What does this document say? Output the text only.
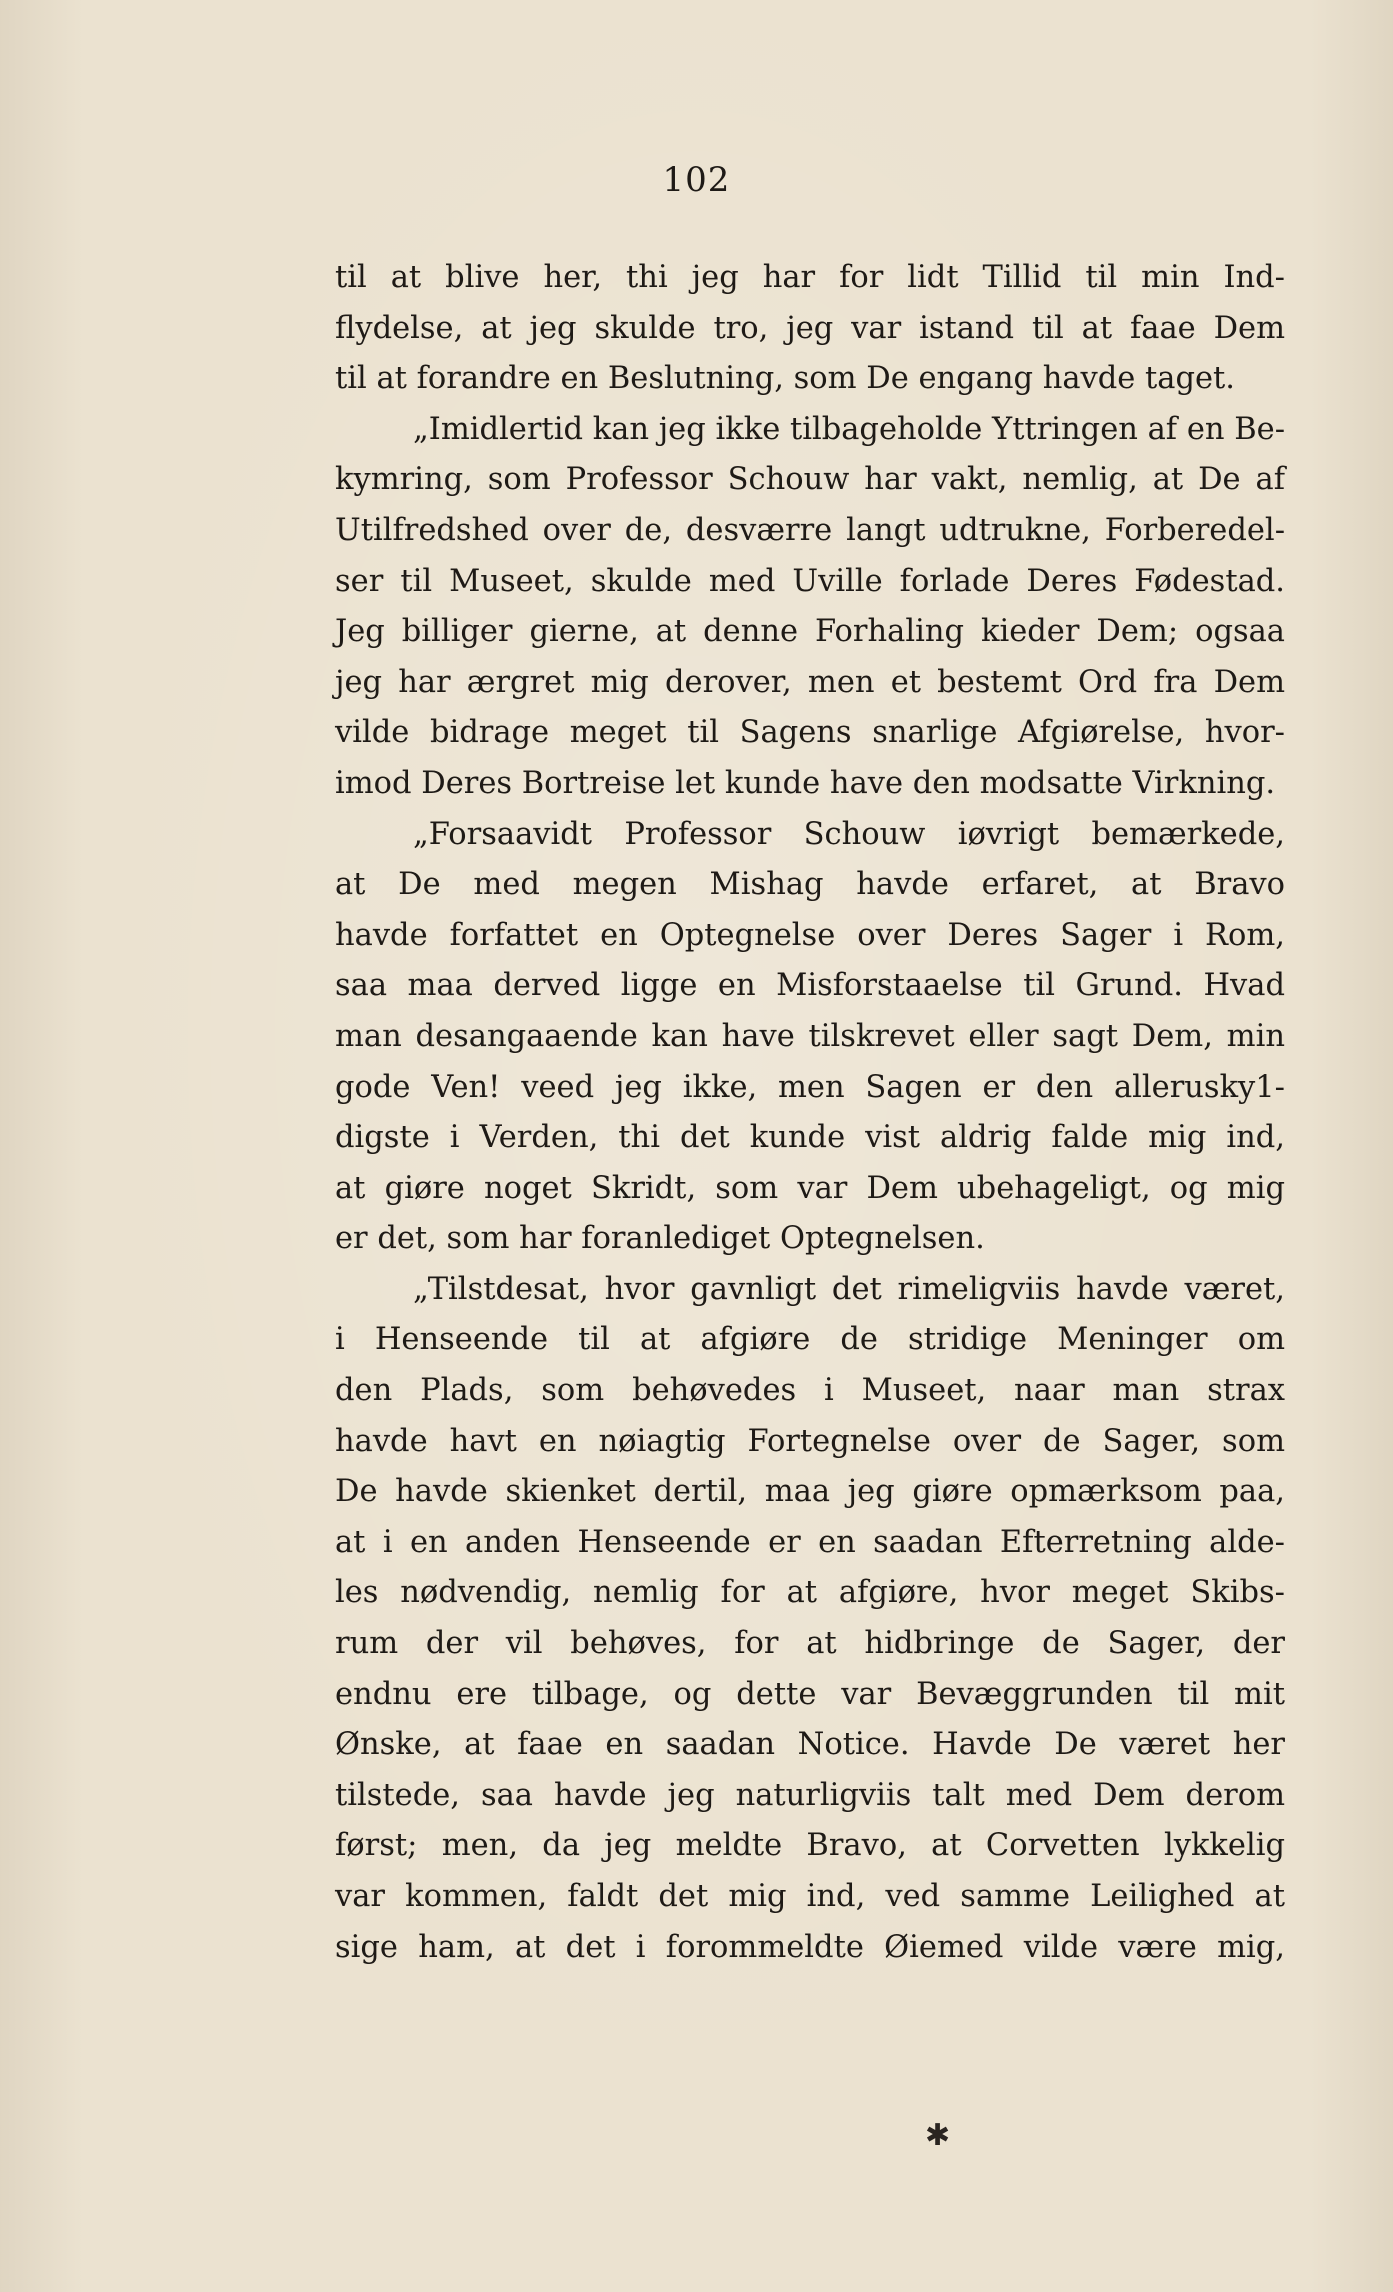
102
til at blive her, thi jeg har for lidt Tillid til min Ind-
flydelse, at jeg skulde tro, jeg var istand til at faae Dem
til at forandre en Beslutning, som De engang havde taget.
„Imidlertid kan jeg ikke tilbageholde Yttringen af en Be-
kymring, som Professor Schouw har vakt, nemlig, at De af
Utilfredshed over de, desværre langt udtrukne, Forberedel-
ser til Museet, skulde med Uville forlade Deres Fødestad.
Jeg billiger gierne, at denne Forhaling kieder Dem; ogsaa
jeg har ærgret mig derover, men et bestemt Ord fra Dem
vilde bidrage meget til Sagens snarlige Afgiørelse, hvor-
imod Deres Bortreise let kunde have den modsatte Virkning.
„Forsaavidt Professor Schouw iøvrigt bemærkede,
at De med megen Mishag havde erfaret, at Bravo
havde forfattet en Optegnelse over Deres Sager i Rom,
saa maa derved ligge en Misforstaaelse til Grund. Hvad
man desangaaende kan have tilskrevet eller sagt Dem, min
gode Ven! veed jeg ikke, men Sagen er den allerusky1-
digste i Verden, thi det kunde vist aldrig falde mig ind,
at giøre noget Skridt, som var Dem ubehageligt, og mig
er det, som har foranlediget Optegnelsen.
„Tilstdesat, hvor gavnligt det rimeligviis havde været,
i Henseende til at afgiøre de stridige Meninger om
den Plads, som behøvedes i Museet, naar man strax
havde havt en nøiagtig Fortegnelse over de Sager, som
De havde skienket dertil, maa jeg giøre opmærksom paa,
at i en anden Henseende er en saadan Efterretning alde-
les nødvendig, nemlig for at afgiøre, hvor meget Skibs-
rum der vil behøves, for at hidbringe de Sager, der
endnu ere tilbage, og dette var Bevæggrunden til mit
Ønske, at faae en saadan Notice. Havde De været her
tilstede, saa havde jeg naturligviis talt med Dem derom
først; men, da jeg meldte Bravo, at Corvetten lykkelig
var kommen, faldt det mig ind, ved samme Leilighed at
sige ham, at det i forommeldte Øiemed vilde være mig,
✱
